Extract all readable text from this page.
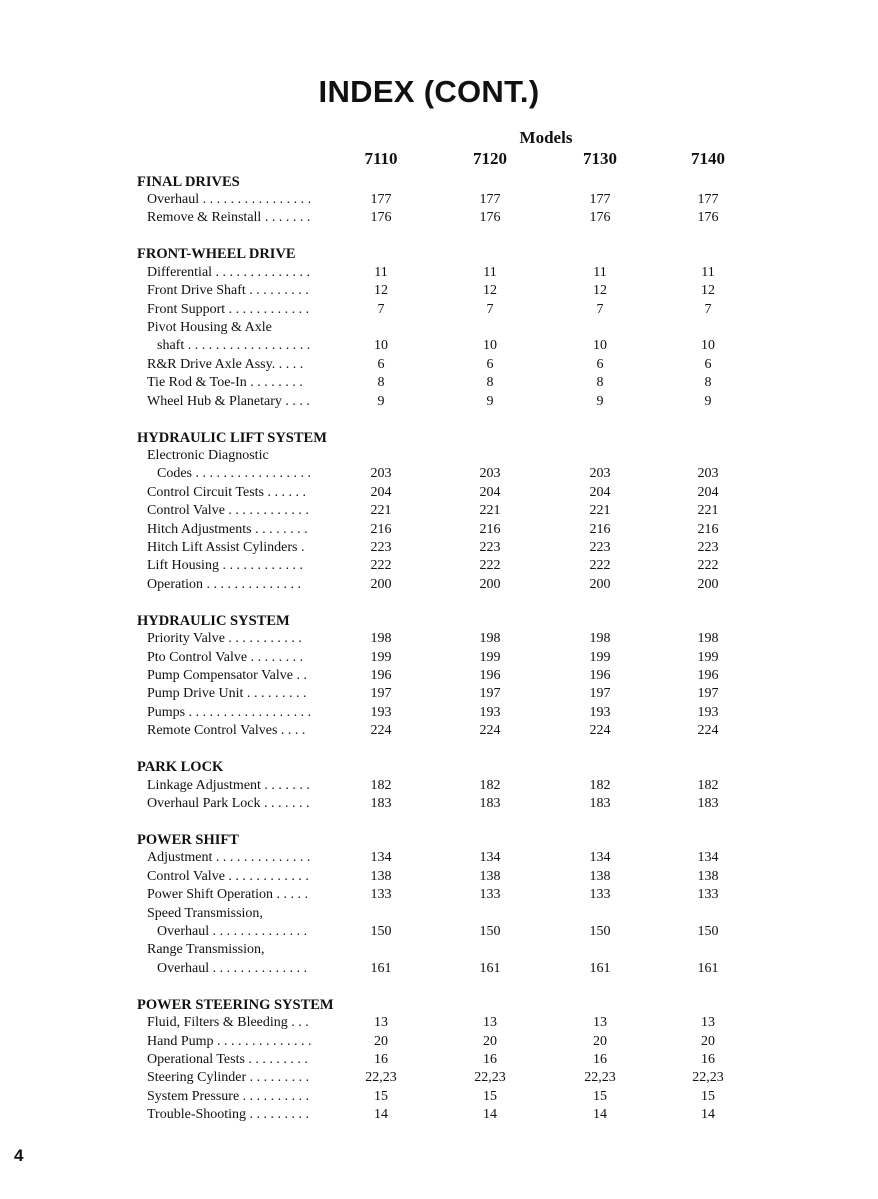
INDEX (CONT.)
Models
7110	7120	7130	7140
FINAL DRIVES
Overhaul . . . . . . . . . . . . . . . .	177	177	177	177
Remove & Reinstall . . . . . . .	176	176	176	176
FRONT-WHEEL DRIVE
Differential . . . . . . . . . . . . . .	11	11	11	11
Front Drive Shaft . . . . . . . . .	12	12	12	12
Front Support . . . . . . . . . . . .	7	7	7	7
Pivot Housing & Axle
shaft . . . . . . . . . . . . . . . . . .	10	10	10	10
R&R Drive Axle Assy. . . . .	6	6	6	6
Tie Rod & Toe-In . . . . . . . .	8	8	8	8
Wheel Hub & Planetary . . . .	9	9	9	9
HYDRAULIC LIFT SYSTEM
Electronic Diagnostic
Codes . . . . . . . . . . . . . . . . .	203	203	203	203
Control Circuit Tests . . . . . .	204	204	204	204
Control Valve . . . . . . . . . . . .	221	221	221	221
Hitch Adjustments . . . . . . . .	216	216	216	216
Hitch Lift Assist Cylinders .	223	223	223	223
Lift Housing . . . . . . . . . . . .	222	222	222	222
Operation . . . . . . . . . . . . . .	200	200	200	200
HYDRAULIC SYSTEM
Priority Valve . . . . . . . . . . .	198	198	198	198
Pto Control Valve . . . . . . . .	199	199	199	199
Pump Compensator Valve . .	196	196	196	196
Pump Drive Unit . . . . . . . . .	197	197	197	197
Pumps . . . . . . . . . . . . . . . . . .	193	193	193	193
Remote Control Valves . . . .	224	224	224	224
PARK LOCK
Linkage Adjustment . . . . . . .	182	182	182	182
Overhaul Park Lock . . . . . . .	183	183	183	183
POWER SHIFT
Adjustment . . . . . . . . . . . . . .	134	134	134	134
Control Valve . . . . . . . . . . . .	138	138	138	138
Power Shift Operation . . . . .	133	133	133	133
Speed Transmission,
Overhaul . . . . . . . . . . . . . .	150	150	150	150
Range Transmission,
Overhaul . . . . . . . . . . . . . .	161	161	161	161
POWER STEERING SYSTEM
Fluid, Filters & Bleeding . . .	13	13	13	13
Hand Pump . . . . . . . . . . . . . .	20	20	20	20
Operational Tests . . . . . . . . .	16	16	16	16
Steering Cylinder . . . . . . . . .	22,23	22,23	22,23	22,23
System Pressure . . . . . . . . . .	15	15	15	15
Trouble-Shooting . . . . . . . . .	14	14	14	14
4
